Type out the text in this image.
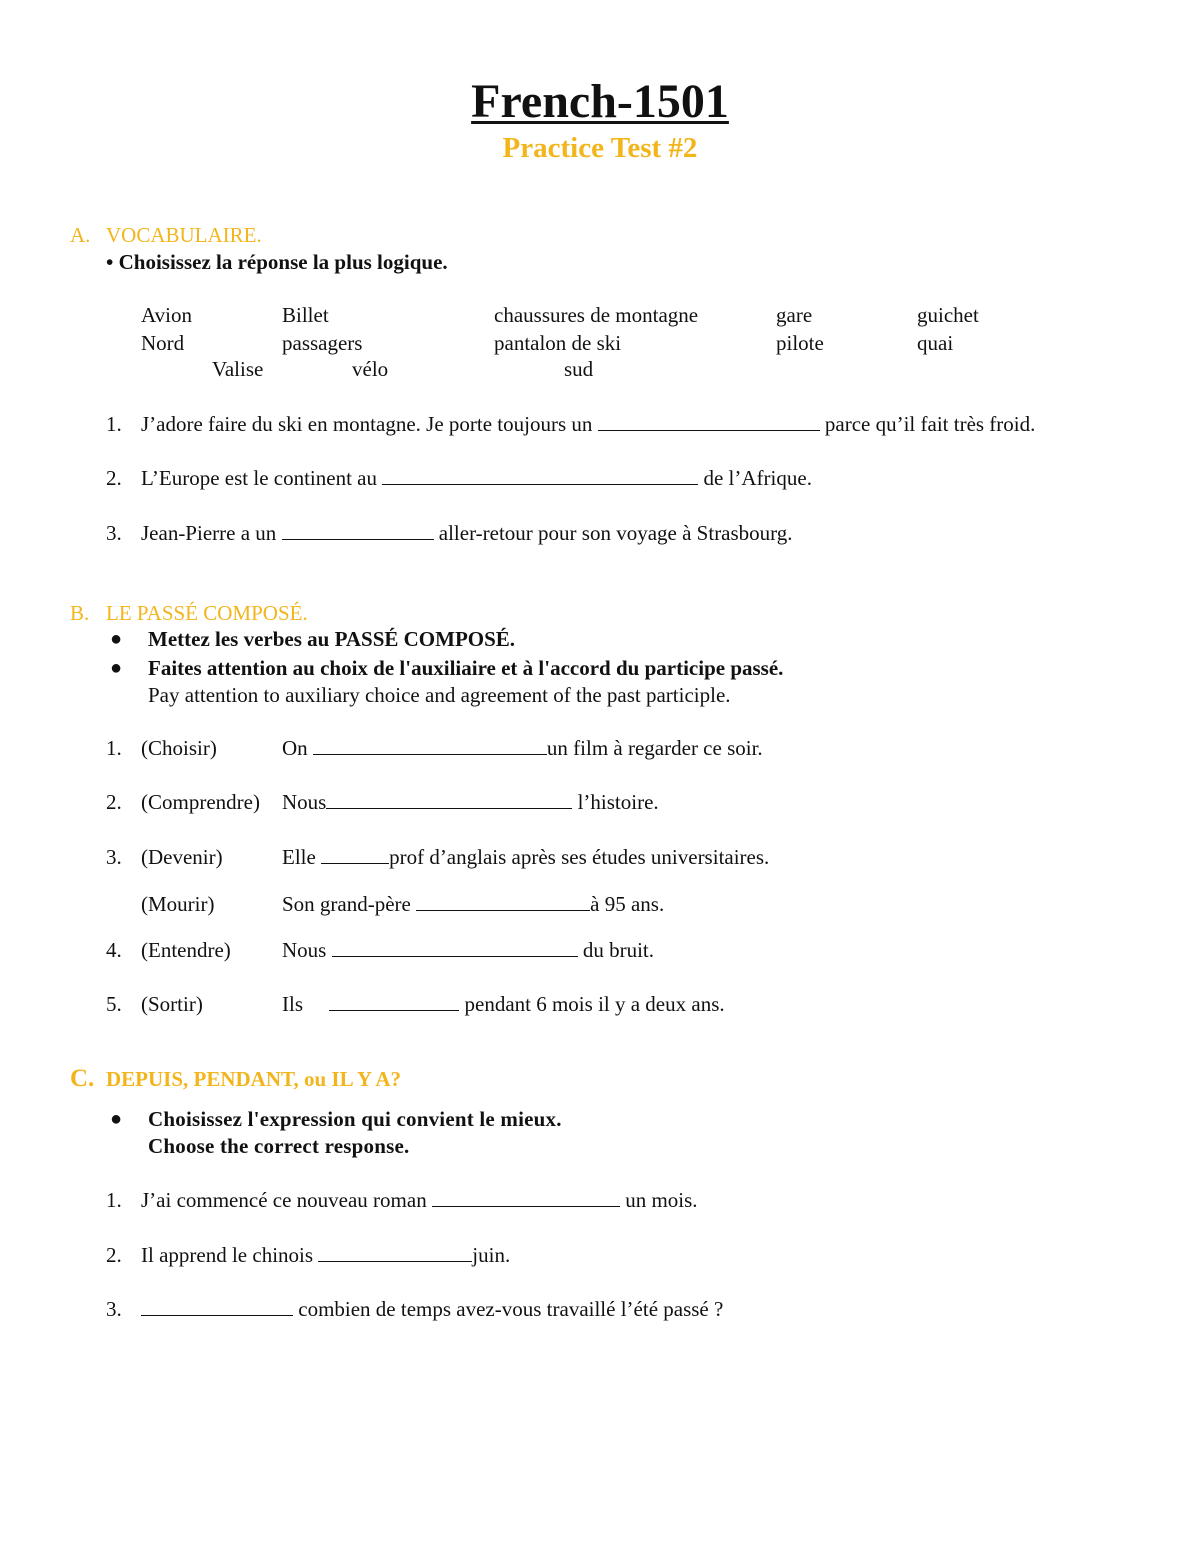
French-1501
Practice Test #2
A. VOCABULAIRE.
• Choisissez la réponse la plus logique.
Avion	Billet	chaussures de montagne	gare	guichet
Nord	passagers	pantalon de ski	pilote	quai
Valise	vélo	sud
1. J’adore faire du ski en montagne. Je porte toujours un	parce qu’il fait très froid.
2. L’Europe est le continent au	de l’Afrique.
3. Jean-Pierre a un	aller-retour pour son voyage à Strasbourg.
B. LE PASSÉ COMPOSÉ.
● Mettez les verbes au PASSÉ COMPOSÉ.
● Faites attention au choix de l'auxiliaire et à l'accord du participe passé.
Pay attention to auxiliary choice and agreement of the past participle.
1. (Choisir)	On	un film à regarder ce soir.
2. (Comprendre) Nous	l’histoire.
3. (Devenir)	Elle	prof d’anglais après ses études universitaires.
(Mourir)	Son grand-père	à 95 ans.
4. (Entendre) Nous	du bruit.
5. (Sortir)	Ils	pendant 6 mois il y a deux ans.
C. DEPUIS, PENDANT, ou IL Y A?
● Choisissez l'expression qui convient le mieux.
Choose the correct response.
1. J’ai commencé ce nouveau roman	un mois.
2. Il apprend le chinois	juin.
3.	combien de temps avez-vous travaillé l’été passé ?
